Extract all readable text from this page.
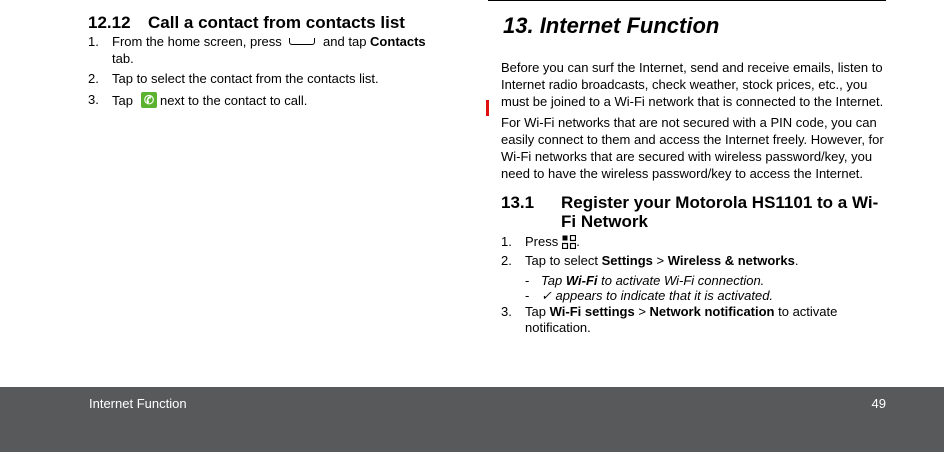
12.12 Call a contact from contacts list
1. From the home screen, press	and tap Contacts
tab.
2. Tap to select the contact from the contacts list.
3. Tap ✆ next to the contact to call.
13. Internet Function

Before you can surf the Internet, send and receive emails, listen to Internet radio broadcasts, check weather, stock prices, etc., you must be joined to a Wi-Fi network that is connected to the Internet.

For Wi-Fi networks that are not secured with a PIN code, you can easily connect to them and access the Internet freely. However, for Wi-Fi networks that are secured with wireless password/key, you need to have the wireless password/key to access the Internet.

13.1 Register your Motorola HS1101 to a Wi-Fi Network
1. Press .
2. Tap to select Settings > Wireless & networks.
- Tap Wi-Fi to activate Wi-Fi connection.
- ✓ appears to indicate that it is activated.
3. Tap Wi-Fi settings > Network notification to activate notification.
Internet Function	49
